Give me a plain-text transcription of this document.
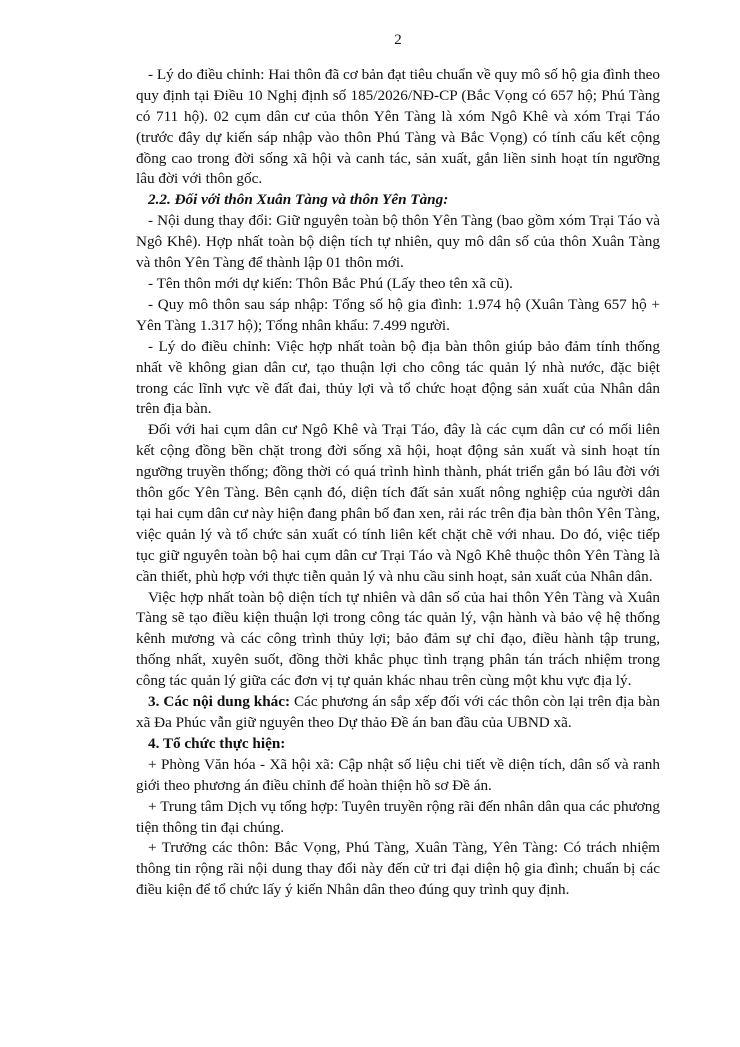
2

- Lý do điều chỉnh: Hai thôn đã cơ bản đạt tiêu chuẩn về quy mô số hộ gia đình theo quy định tại Điều 10 Nghị định số 185/2026/NĐ-CP (Bắc Vọng có 657 hộ; Phú Tàng có 711 hộ). 02 cụm dân cư của thôn Yên Tàng là xóm Ngô Khê và xóm Trại Táo (trước đây dự kiến sáp nhập vào thôn Phú Tàng và Bắc Vọng) có tính cấu kết cộng đồng cao trong đời sống xã hội và canh tác, sản xuất, gắn liền sinh hoạt tín ngưỡng lâu đời với thôn gốc.

2.2. Đối với thôn Xuân Tàng và thôn Yên Tàng:

- Nội dung thay đổi: Giữ nguyên toàn bộ thôn Yên Tàng (bao gồm xóm Trại Táo và Ngô Khê). Hợp nhất toàn bộ diện tích tự nhiên, quy mô dân số của thôn Xuân Tàng và thôn Yên Tàng để thành lập 01 thôn mới.

- Tên thôn mới dự kiến: Thôn Bắc Phú (Lấy theo tên xã cũ).

- Quy mô thôn sau sáp nhập: Tổng số hộ gia đình: 1.974 hộ (Xuân Tàng 657 hộ + Yên Tàng 1.317 hộ); Tổng nhân khẩu: 7.499 người.

- Lý do điều chỉnh: Việc hợp nhất toàn bộ địa bàn thôn giúp bảo đảm tính thống nhất về không gian dân cư, tạo thuận lợi cho công tác quản lý nhà nước, đặc biệt trong các lĩnh vực về đất đai, thủy lợi và tổ chức hoạt động sản xuất của Nhân dân trên địa bàn.

Đối với hai cụm dân cư Ngô Khê và Trại Táo, đây là các cụm dân cư có mối liên kết cộng đồng bền chặt trong đời sống xã hội, hoạt động sản xuất và sinh hoạt tín ngưỡng truyền thống; đồng thời có quá trình hình thành, phát triển gắn bó lâu đời với thôn gốc Yên Tàng. Bên cạnh đó, diện tích đất sản xuất nông nghiệp của người dân tại hai cụm dân cư này hiện đang phân bố đan xen, rải rác trên địa bàn thôn Yên Tàng, việc quản lý và tổ chức sản xuất có tính liên kết chặt chẽ với nhau. Do đó, việc tiếp tục giữ nguyên toàn bộ hai cụm dân cư Trại Táo và Ngô Khê thuộc thôn Yên Tàng là cần thiết, phù hợp với thực tiễn quản lý và nhu cầu sinh hoạt, sản xuất của Nhân dân.

Việc hợp nhất toàn bộ diện tích tự nhiên và dân số của hai thôn Yên Tàng và Xuân Tàng sẽ tạo điều kiện thuận lợi trong công tác quản lý, vận hành và bảo vệ hệ thống kênh mương và các công trình thủy lợi; bảo đảm sự chỉ đạo, điều hành tập trung, thống nhất, xuyên suốt, đồng thời khắc phục tình trạng phân tán trách nhiệm trong công tác quản lý giữa các đơn vị tự quản khác nhau trên cùng một khu vực địa lý.

3. Các nội dung khác: Các phương án sắp xếp đối với các thôn còn lại trên địa bàn xã Đa Phúc vẫn giữ nguyên theo Dự thảo Đề án ban đầu của UBND xã.

4. Tổ chức thực hiện:

+ Phòng Văn hóa - Xã hội xã: Cập nhật số liệu chi tiết về diện tích, dân số và ranh giới theo phương án điều chỉnh để hoàn thiện hồ sơ Đề án.

+ Trung tâm Dịch vụ tổng hợp: Tuyên truyền rộng rãi đến nhân dân qua các phương tiện thông tin đại chúng.

+ Trưởng các thôn: Bắc Vọng, Phú Tàng, Xuân Tàng, Yên Tàng: Có trách nhiệm thông tin rộng rãi nội dung thay đổi này đến cử tri đại diện hộ gia đình; chuẩn bị các điều kiện để tổ chức lấy ý kiến Nhân dân theo đúng quy trình quy định.
